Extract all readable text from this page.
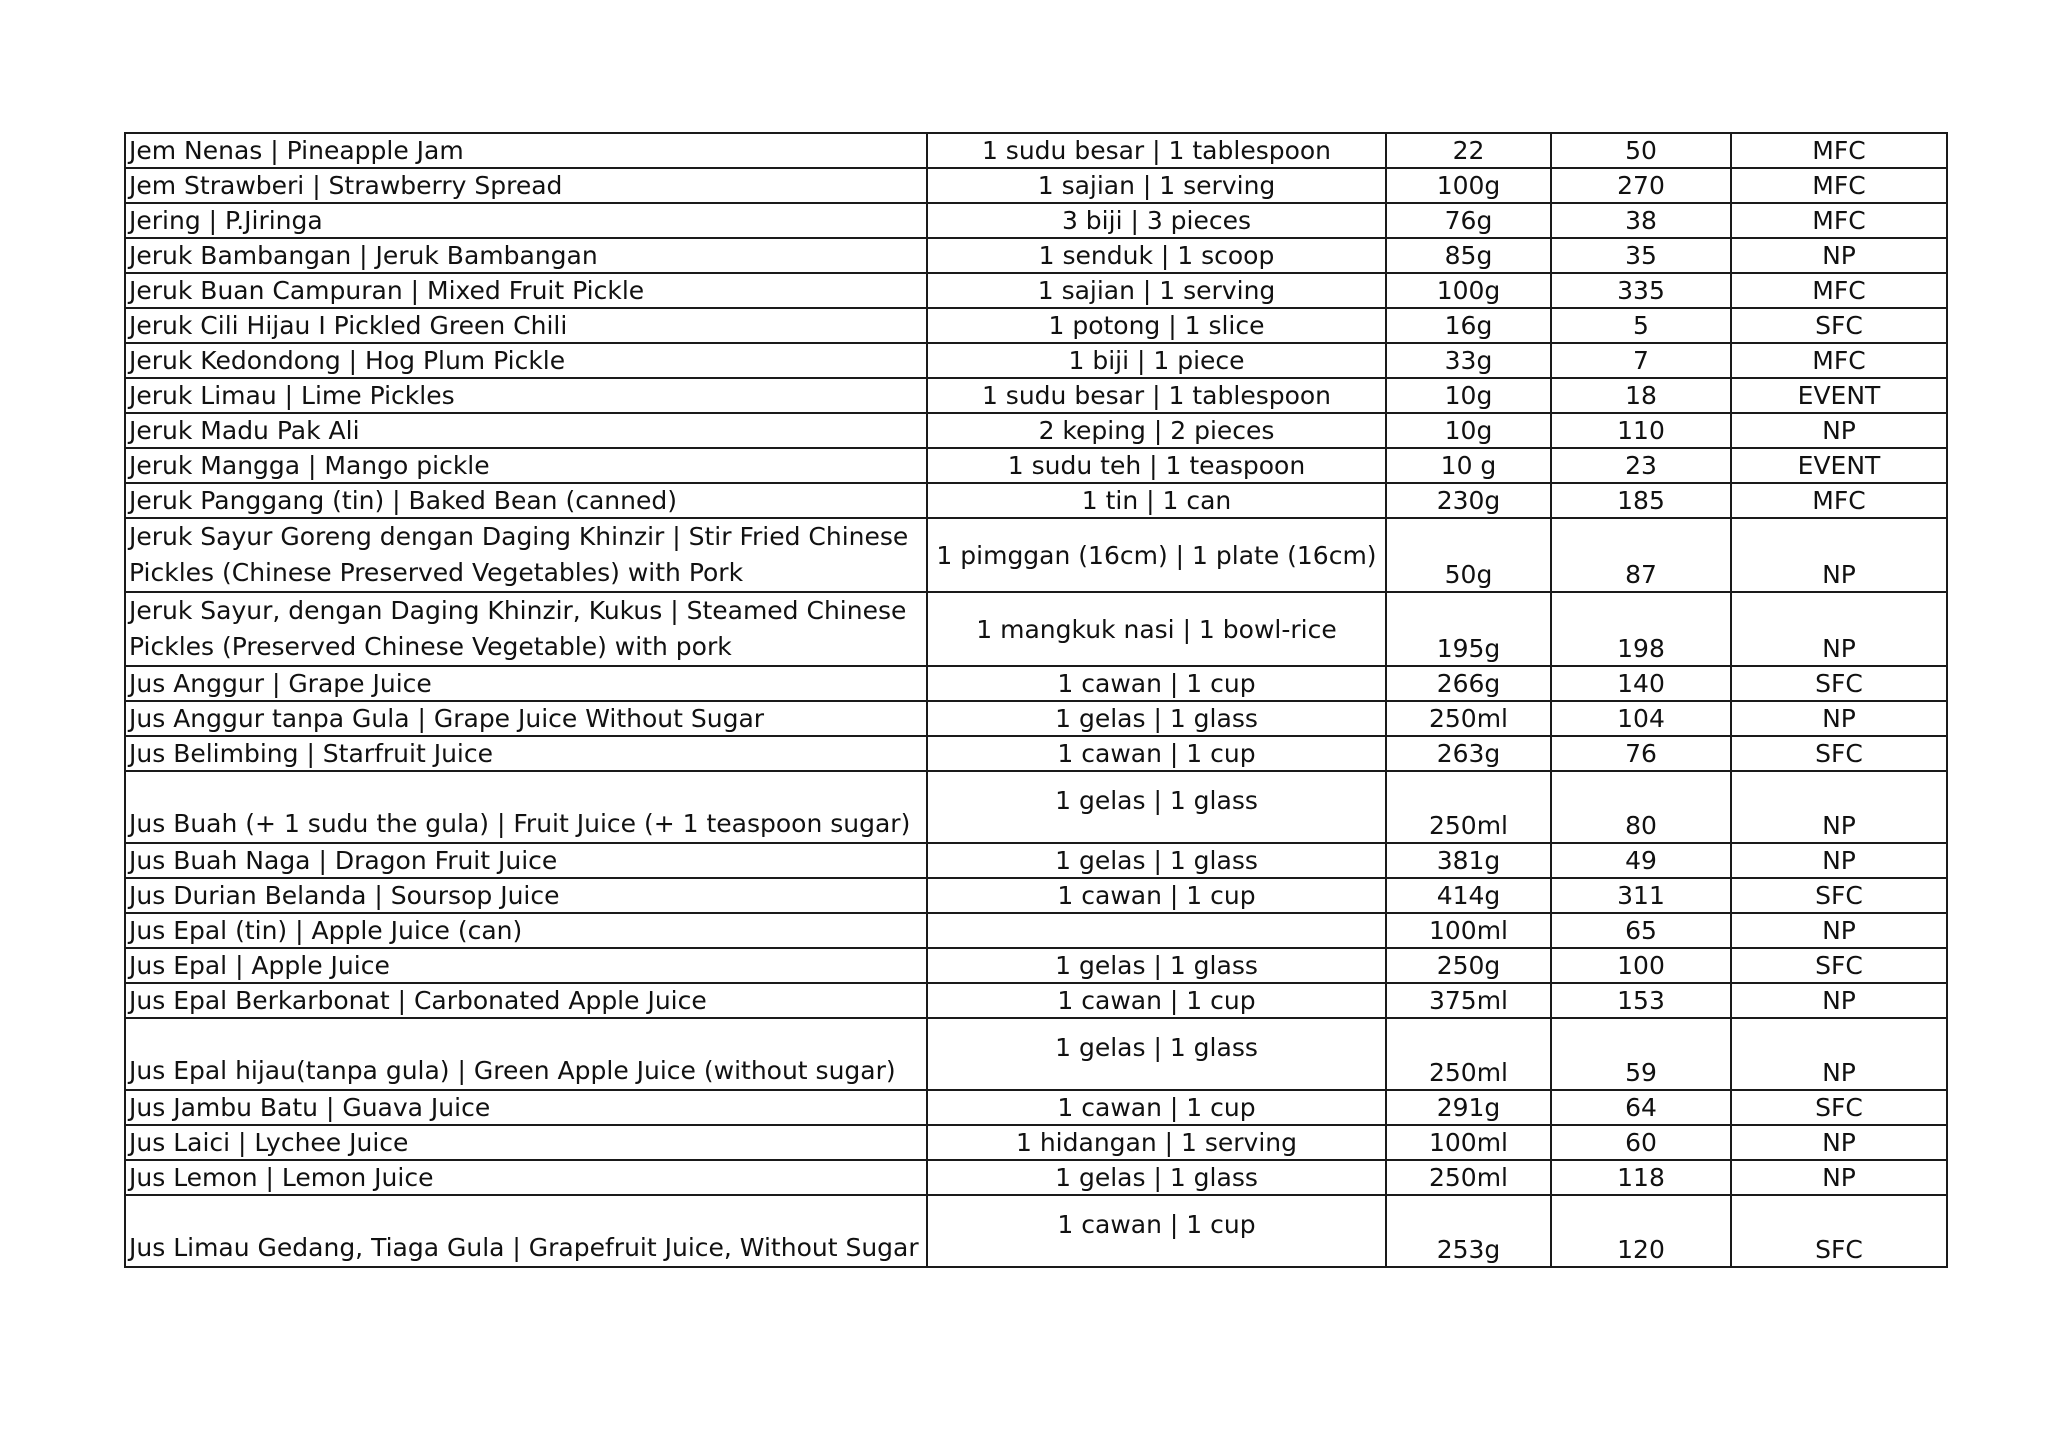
Jem Nenas | Pineapple Jam	1 sudu besar | 1 tablespoon	22	50	MFC
Jem Strawberi | Strawberry Spread	1 sajian | 1 serving	100g	270	MFC
Jering | P.Jiringa	3 biji | 3 pieces	76g	38	MFC
Jeruk Bambangan | Jeruk Bambangan	1 senduk | 1 scoop	85g	35	NP
Jeruk Buan Campuran | Mixed Fruit Pickle	1 sajian | 1 serving	100g	335	MFC
Jeruk Cili Hijau I Pickled Green Chili	1 potong | 1 slice	16g	5	SFC
Jeruk Kedondong | Hog Plum Pickle	1 biji | 1 piece	33g	7	MFC
Jeruk Limau | Lime Pickles	1 sudu besar | 1 tablespoon	10g	18	EVENT
Jeruk Madu Pak Ali	2 keping | 2 pieces	10g	110	NP
Jeruk Mangga | Mango pickle	1 sudu teh | 1 teaspoon	10 g	23	EVENT
Jeruk Panggang (tin) | Baked Bean (canned)	1 tin | 1 can	230g	185	MFC
Jeruk Sayur Goreng dengan Daging Khinzir | Stir Fried Chinese Pickles (Chinese Preserved Vegetables) with Pork	1 pimggan (16cm) | 1 plate (16cm)	50g	87	NP
Jeruk Sayur, dengan Daging Khinzir, Kukus | Steamed Chinese Pickles (Preserved Chinese Vegetable) with pork	1 mangkuk nasi | 1 bowl-rice	195g	198	NP
Jus Anggur | Grape Juice	1 cawan | 1 cup	266g	140	SFC
Jus Anggur tanpa Gula | Grape Juice Without Sugar	1 gelas | 1 glass	250ml	104	NP
Jus Belimbing | Starfruit Juice	1 cawan | 1 cup	263g	76	SFC
Jus Buah (+ 1 sudu the gula) | Fruit Juice (+ 1 teaspoon sugar)	1 gelas | 1 glass	250ml	80	NP
Jus Buah Naga | Dragon Fruit Juice	1 gelas | 1 glass	381g	49	NP
Jus Durian Belanda | Soursop Juice	1 cawan | 1 cup	414g	311	SFC
Jus Epal (tin) | Apple Juice (can)		100ml	65	NP
Jus Epal | Apple Juice	1 gelas | 1 glass	250g	100	SFC
Jus Epal Berkarbonat | Carbonated Apple Juice	1 cawan | 1 cup	375ml	153	NP
Jus Epal hijau(tanpa gula) | Green Apple Juice (without sugar)	1 gelas | 1 glass	250ml	59	NP
Jus Jambu Batu | Guava Juice	1 cawan | 1 cup	291g	64	SFC
Jus Laici | Lychee Juice	1 hidangan | 1 serving	100ml	60	NP
Jus Lemon | Lemon Juice	1 gelas | 1 glass	250ml	118	NP
Jus Limau Gedang, Tiaga Gula | Grapefruit Juice, Without Sugar	1 cawan | 1 cup	253g	120	SFC
